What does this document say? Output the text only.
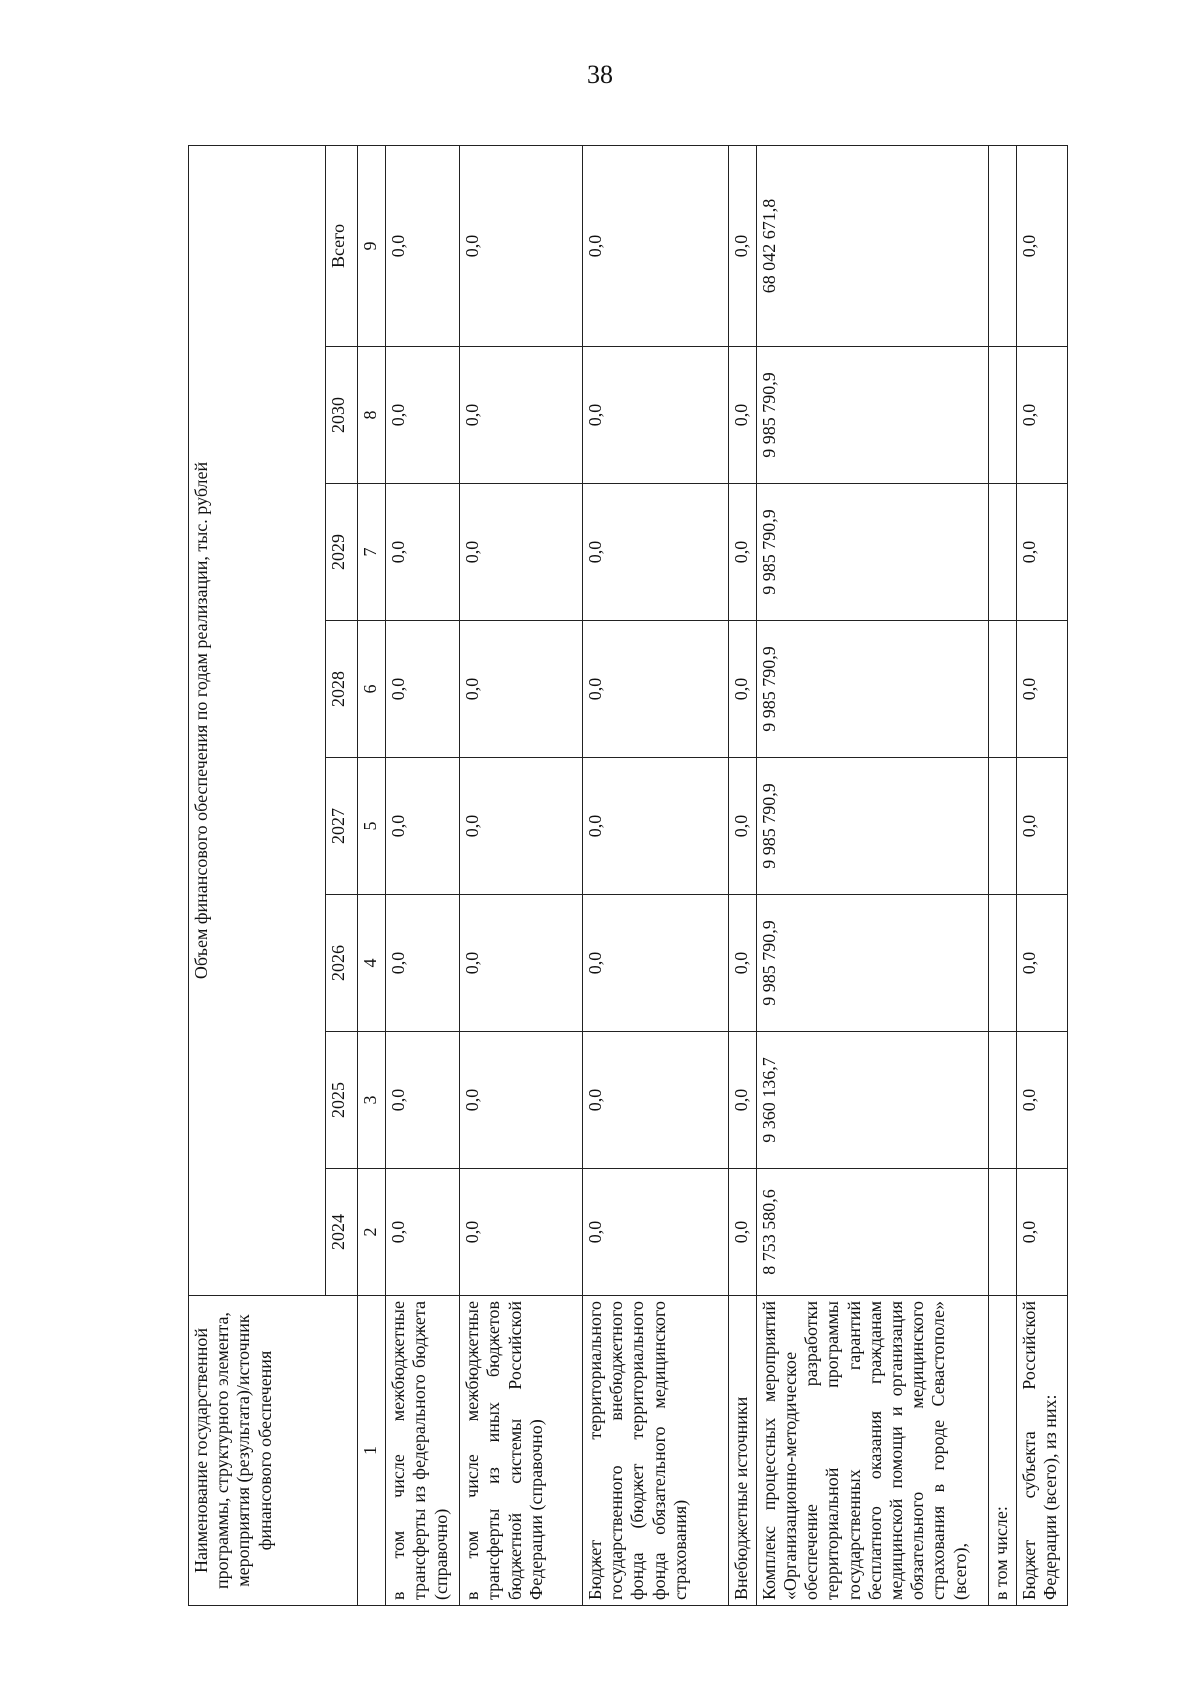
38
Наименование государственной программы, структурного элемента, мероприятия (результата)/источник финансового обеспечения	Объем финансового обеспечения по годам реализации, тыс. рублей							
	2024	2025	2026	2027	2028	2029	2030	Всего
1	2	3	4	5	6	7	8	9
в том числе межбюджетные трансферты из федерального бюджета (справочно)	0,0	0,0	0,0	0,0	0,0	0,0	0,0	0,0
в том числе межбюджетные трансферты из иных бюджетов бюджетной системы Российской Федерации (справочно)	0,0	0,0	0,0	0,0	0,0	0,0	0,0	0,0
Бюджет территориального государственного внебюджетного фонда (бюджет территориального фонда обязательного медицинского страхования)	0,0	0,0	0,0	0,0	0,0	0,0	0,0	0,0
Внебюджетные источники	0,0	0,0	0,0	0,0	0,0	0,0	0,0	0,0
Комплекс процессных мероприятий «Организационно-методическое обеспечение разработки территориальной программы государственных гарантий бесплатного оказания гражданам медицинской помощи и организация обязательного медицинского страхования в городе Севастополе» (всего),	8 753 580,6	9 360 136,7	9 985 790,9	9 985 790,9	9 985 790,9	9 985 790,9	9 985 790,9	68 042 671,8
в том числе:								
Бюджет субъекта Российской Федерации (всего), из них:	0,0	0,0	0,0	0,0	0,0	0,0	0,0	0,0
